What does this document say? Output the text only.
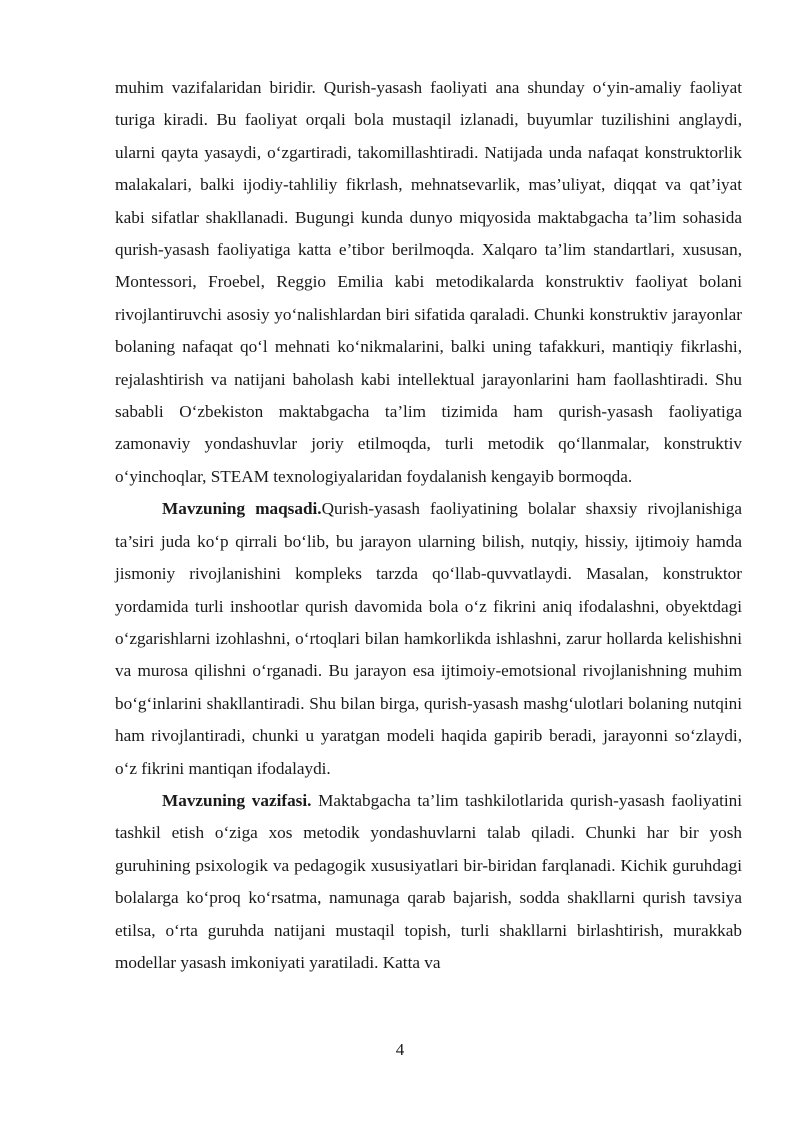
muhim vazifalaridan biridir. Qurish-yasash faoliyati ana shunday o‘yin-amaliy faoliyat turiga kiradi. Bu faoliyat orqali bola mustaqil izlanadi, buyumlar tuzilishini anglaydi, ularni qayta yasaydi, o‘zgartiradi, takomillashtiradi. Natijada unda nafaqat konstruktorlik malakalari, balki ijodiy-tahliliy fikrlash, mehnatsevarlik, mas’uliyat, diqqat va qat’iyat kabi sifatlar shakllanadi. Bugungi kunda dunyo miqyosida maktabgacha ta’lim sohasida qurish-yasash faoliyatiga katta e’tibor berilmoqda. Xalqaro ta’lim standartlari, xususan, Montessori, Froebel, Reggio Emilia kabi metodikalarda konstruktiv faoliyat bolani rivojlantiruvchi asosiy yo‘nalishlardan biri sifatida qaraladi. Chunki konstruktiv jarayonlar bolaning nafaqat qo‘l mehnati ko‘nikmalarini, balki uning tafakkuri, mantiqiy fikrlashi, rejalashtirish va natijani baholash kabi intellektual jarayonlarini ham faollashtiradi. Shu sababli O‘zbekiston maktabgacha ta’lim tizimida ham qurish-yasash faoliyatiga zamonaviy yondashuvlar joriy etilmoqda, turli metodik qo‘llanmalar, konstruktiv o‘yinchoqlar, STEAM texnologiyalaridan foydalanish kengayib bormoqda.

Mavzuning maqsadi.Qurish-yasash faoliyatining bolalar shaxsiy rivojlanishiga ta’siri juda ko‘p qirrali bo‘lib, bu jarayon ularning bilish, nutqiy, hissiy, ijtimoiy hamda jismoniy rivojlanishini kompleks tarzda qo‘llab-quvvatlaydi. Masalan, konstruktor yordamida turli inshootlar qurish davomida bola o‘z fikrini aniq ifodalashni, obyektdagi o‘zgarishlarni izohlashni, o‘rtoqlari bilan hamkorlikda ishlashni, zarur hollarda kelishishni va murosa qilishni o‘rganadi. Bu jarayon esa ijtimoiy-emotsional rivojlanishning muhim bo‘g‘inlarini shakllantiradi. Shu bilan birga, qurish-yasash mashg‘ulotlari bolaning nutqini ham rivojlantiradi, chunki u yaratgan modeli haqida gapirib beradi, jarayonni so‘zlaydi, o‘z fikrini mantiqan ifodalaydi.

Mavzuning vazifasi. Maktabgacha ta’lim tashkilotlarida qurish-yasash faoliyatini tashkil etish o‘ziga xos metodik yondashuvlarni talab qiladi. Chunki har bir yosh guruhining psixologik va pedagogik xususiyatlari bir-biridan farqlanadi. Kichik guruhdagi bolalarga ko‘proq ko‘rsatma, namunaga qarab bajarish, sodda shakllarni qurish tavsiya etilsa, o‘rta guruhda natijani mustaqil topish, turli shakllarni birlashtirish, murakkab modellar yasash imkoniyati yaratiladi. Katta va

4
